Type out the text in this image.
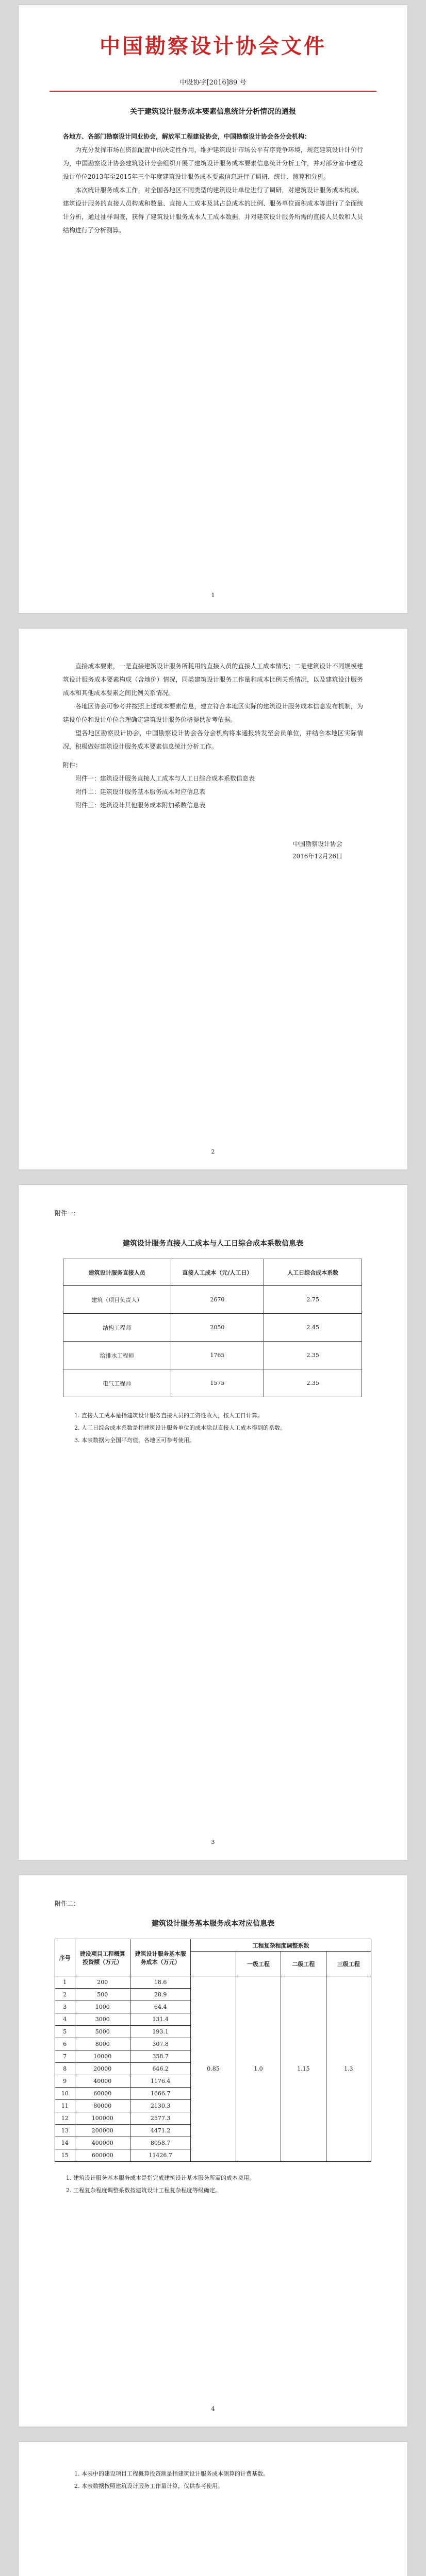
中国勘察设计协会文件
中设协字[2016]89 号
关于建筑设计服务成本要素信息统计分析情况的通报
各地方、各部门勘察设计同业协会，解放军工程建设协会，中国勘察设计协会各分会机构：
为充分发挥市场在资源配置中的决定性作用，维护建筑设计市场公平有序竞争环境，规范建筑设计计价行为，中国勘察设计协会建筑设计分会组织开展了建筑设计服务成本要素信息统计分析工作，并对部分省市建设设计单位2013年至2015年三个年度建筑设计服务成本要素信息进行了调研，统计、测算和分析。
本次统计服务成本工作，对全国各地区不同类型的建筑设计单位进行了调研，对建筑设计服务成本构成、建筑设计服务的直接人员构成和数量、直接人工成本及其占总成本的比例、服务单位面积成本等进行了全面统计分析，通过抽样调查，获得了建筑设计服务成本人工成本数据，并对建筑设计服务所需的直接人员数和人员结构进行了分析测算。
1
直接成本要素，一是直接建筑设计服务所耗用的直接人员的直接人工成本情况；二是建筑设计不同规模建筑设计服务成本要素构成（含地价）情况，同类建筑设计服务工作量和成本比例关系情况，以及建筑设计服务成本和其他成本要素之间比例关系情况。
各地区协会可参考并按照上述成本要素信息，建立符合本地区实际的建筑设计服务成本信息发布机制，为建设单位和设计单位合理确定建筑设计服务价格提供参考依据。
望各地区勘察设计协会，中国勘察设计协会各分会机构将本通报转发至会员单位，并结合本地区实际情况，积极做好建筑设计服务成本要素信息统计分析工作。
附件：
附件一：建筑设计服务直接人工成本与人工日综合成本系数信息表
附件二：建筑设计服务基本服务成本对应信息表
附件三：建筑设计其他服务成本附加系数信息表
中国勘察设计协会
2016年12月26日
2
附件一：
建筑设计服务直接人工成本与人工日综合成本系数信息表
建筑设计服务直接人员	直接人工成本（元/人工日）	人工日综合成本系数
建筑（项目负责人）	2670	2.75
结构工程师	2050	2.45
给排水工程师	1765	2.35
电气工程师	1575	2.35
1. 直接人工成本是指建筑设计服务直接人员的工资性收入，按人工日计算。
2. 人工日综合成本系数是指建筑设计服务单位的成本除以直接人工成本得到的系数。
3. 本表数据为全国平均值，各地区可参考使用。
3
附件二：
建筑设计服务基本服务成本对应信息表
序号	建设项目工程概算投资额（万元）	建筑设计服务基本服务成本（万元）	工程复杂程度调整系数			
				一级工程	二级工程	三级工程
1	200	18.6	0.85	1.0	1.15	1.3
2	500	28.9				
3	1000	64.4				
4	3000	131.4				
5	5000	193.1				
6	8000	307.8				
7	10000	358.7				
8	20000	646.2				
9	40000	1176.4				
10	60000	1666.7				
11	80000	2130.3				
12	100000	2577.3				
13	200000	4471.2				
14	400000	8058.7				
15	600000	11426.7				
1. 建筑设计服务基本服务成本是指完成建筑设计基本服务所需的成本费用。
2. 工程复杂程度调整系数按建筑设计工程复杂程度等级确定。
4
1. 本表中的建设项目工程概算投资额是指建筑设计服务成本测算的计费基数。
2. 本表数据按照建筑设计服务工作量计算，仅供参考使用。
